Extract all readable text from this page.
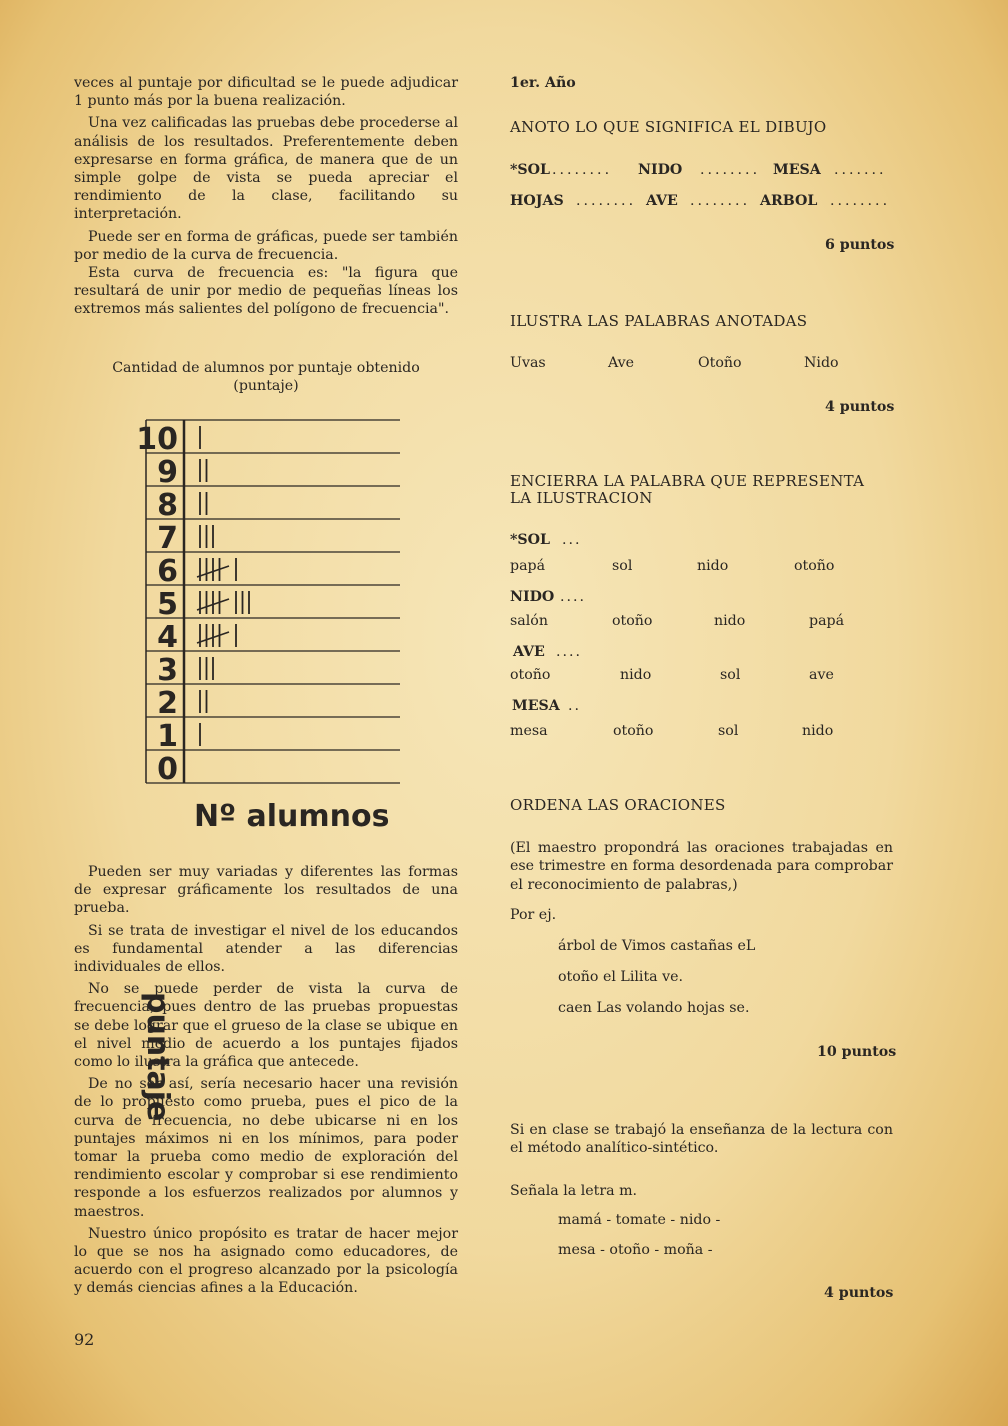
veces al puntaje por dificultad se le puede adjudicar 1 punto más por la buena realización.

Una vez calificadas las pruebas debe procederse al análisis de los resultados. Preferentemente deben expresarse en forma gráfica, de manera que de un simple golpe de vista se pueda apreciar el rendimiento de la clase, facilitando su interpretación.

Puede ser en forma de gráficas, puede ser también por medio de la curva de frecuencia.

Esta curva de frecuencia es: "la figura que resultará de unir por medio de pequeñas líneas los extremos más salientes del polígono de frecuencia".

Cantidad de alumnos por puntaje obtenido
(puntaje)
10
9
8
7
6
5
4
3
2
1
0
puntaje
Nº alumnos

Pueden ser muy variadas y diferentes las formas de expresar gráficamente los resultados de una prueba.

Si se trata de investigar el nivel de los educandos es fundamental atender a las diferencias individuales de ellos.

No se puede perder de vista la curva de frecuencia, pues dentro de las pruebas propuestas se debe lograr que el grueso de la clase se ubique en el nivel medio de acuerdo a los puntajes fijados como lo ilustra la gráfica que antecede.

De no ser así, sería necesario hacer una revisión de lo propuesto como prueba, pues el pico de la curva de frecuencia, no debe ubicarse ni en los puntajes máximos ni en los mínimos, para poder tomar la prueba como medio de exploración del rendimiento escolar y comprobar si ese rendimiento responde a los esfuerzos realizados por alumnos y maestros.

Nuestro único propósito es tratar de hacer mejor lo que se nos ha asignado como educadores, de acuerdo con el progreso alcanzado por la psicología y demás ciencias afines a la Educación.

92
1er. Año
ANOTO LO QUE SIGNIFICA EL DIBUJO
*SOL ........ NIDO ........ MESA .......
HOJAS ........ AVE ........ ARBOL ........
6 puntos
ILUSTRA LAS PALABRAS ANOTADAS
Uvas	Ave	Otoño	Nido
4 puntos
ENCIERRA LA PALABRA QUE REPRESENTA
LA ILUSTRACION
*SOL ...
papá	sol	nido	otoño
NIDO ....
salón	otoño	nido	papá
AVE ....
otoño	nido	sol	ave
MESA ..
mesa	otoño	sol	nido
ORDENA LAS ORACIONES
(El maestro propondrá las oraciones trabajadas en ese trimestre en forma desordenada para comprobar el reconocimiento de palabras,)
Por ej.
árbol de Vimos castañas eL
otoño el Lilita ve.
caen Las volando hojas se.
10 puntos
Si en clase se trabajó la enseñanza de la lectura con el método analítico-sintético.
Señala la letra m.
mamá - tomate - nido -
mesa - otoño - moña -
4 puntos
